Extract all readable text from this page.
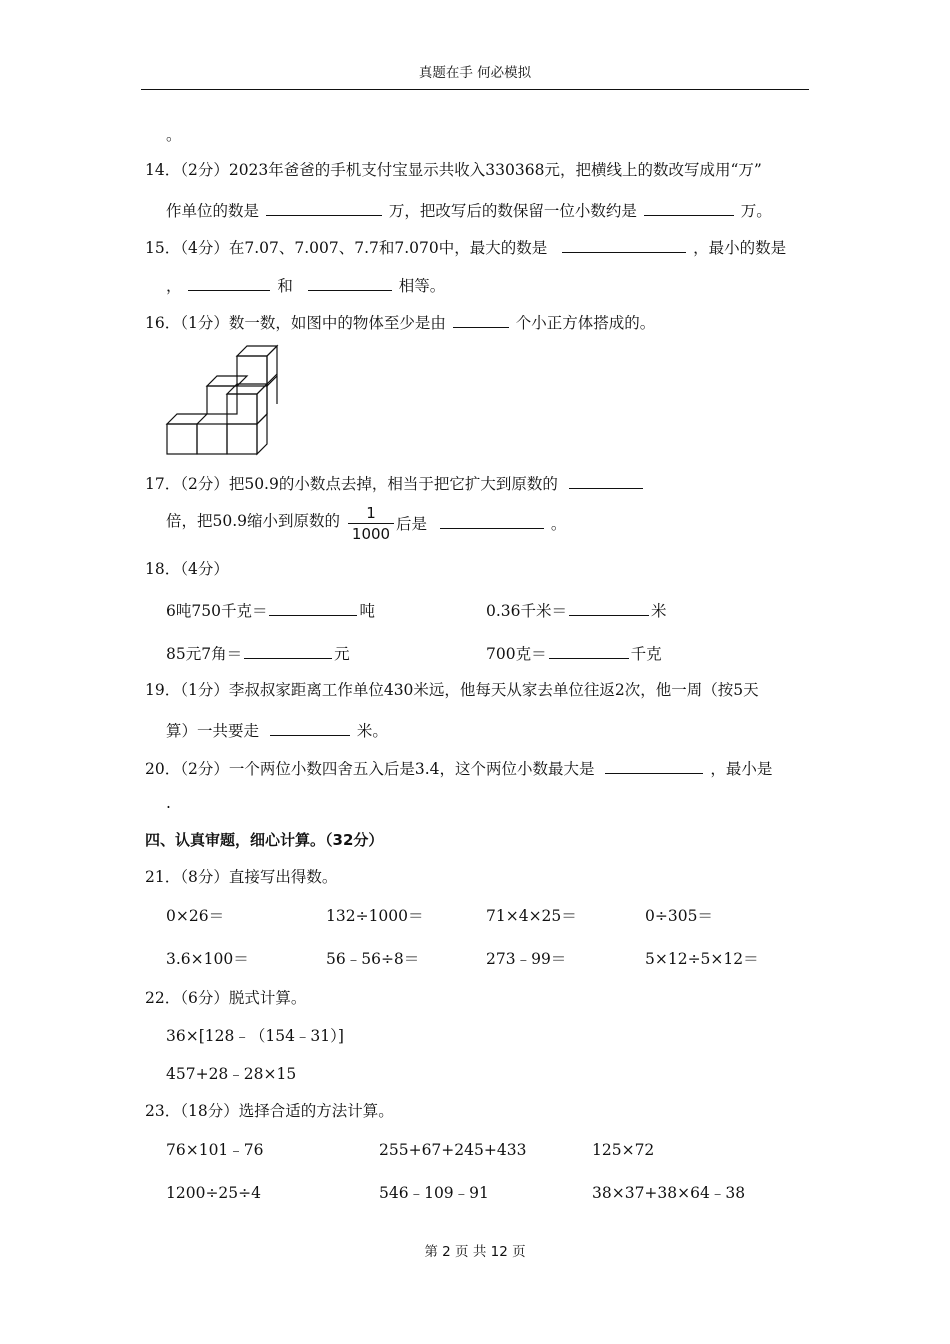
真题在手 何必模拟
。
14．（2分）2023年爸爸的手机支付宝显示共收入330368元，把横线上的数改写成用“万”
作单位的数是	万，把改写后的数保留一位小数约是	万。
15．（4分）在7.07、7.007、7.7和7.070中，最大的数是	，最小的数是
，	和	相等。
16．（1分）数一数，如图中的物体至少是由	个小正方体搭成的。
17．（2分）把50.9的小数点去掉，相当于把它扩大到原数的
倍，把50.9缩小到原数的	1
1000
后是	。
18．（4分）
6吨750千克＝	吨	0.36千米＝	米
85元7角＝	元	700克＝	千克
19．（1分）李叔叔家距离工作单位430米远，他每天从家去单位往返2次，他一周（按5天
算）一共要走	米。
20．（2分）一个两位小数四舍五入后是3.4，这个两位小数最大是	，最小是
.
四、认真审题，细心计算。（32分）
21．（8分）直接写出得数。
0×26＝	132÷1000＝	71×4×25＝	0÷305＝
3.6×100＝	56﹣56÷8＝	273﹣99＝	5×12÷5×12＝
22．（6分）脱式计算。
36×[128﹣（154﹣31）]
457+28﹣28×15
23．（18分）选择合适的方法计算。
76×101﹣76	255+67+245+433	125×72
1200÷25÷4	546﹣109﹣91	38×37+38×64﹣38
第 2 页 共 12 页
